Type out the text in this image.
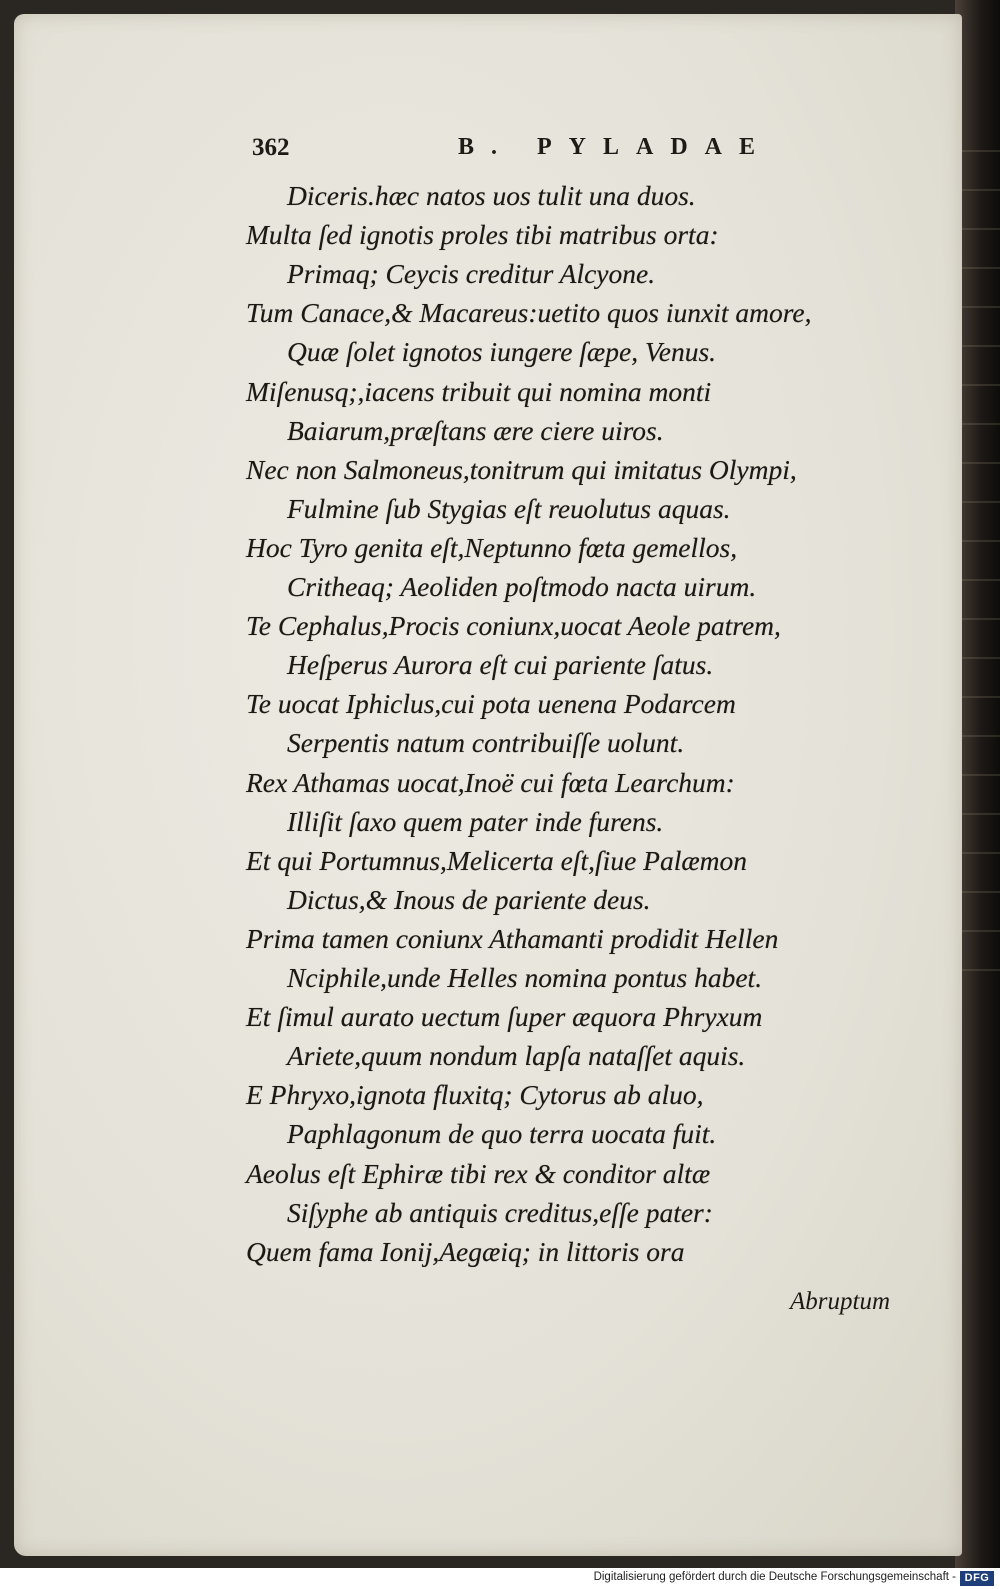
362	B. PYLADAE
Diceris.hæc natos uos tulit una duos.
Multa ſed ignotis proles tibi matribus orta:
Primaq; Ceycis creditur Alcyone.
Tum Canace,& Macareus:uetito quos iunxit amore,
Quæ ſolet ignotos iungere ſæpe, Venus.
Miſenusq;,iacens tribuit qui nomina monti
Baiarum,præſtans ære ciere uiros.
Nec non Salmoneus,tonitrum qui imitatus Olympi,
Fulmine ſub Stygias eſt reuolutus aquas.
Hoc Tyro genita eſt,Neptunno fœta gemellos,
Critheaq; Aeoliden poſtmodo nacta uirum.
Te Cephalus,Procis coniunx,uocat Aeole patrem,
Heſperus Aurora eſt cui pariente ſatus.
Te uocat Iphiclus,cui pota uenena Podarcem
Serpentis natum contribuiſſe uolunt.
Rex Athamas uocat,Inoë cui fœta Learchum:
Illiſit ſaxo quem pater inde furens.
Et qui Portumnus,Melicerta eſt,ſiue Palæmon
Dictus,& Inous de pariente deus.
Prima tamen coniunx Athamanti prodidit Hellen
Nciphile,unde Helles nomina pontus habet.
Et ſimul aurato uectum ſuper æquora Phryxum
Ariete,quum nondum lapſa nataſſet aquis.
E Phryxo,ignota fluxitq; Cytorus ab aluo,
Paphlagonum de quo terra uocata fuit.
Aeolus eſt Ephiræ tibi rex & conditor altæ
Siſyphe ab antiquis creditus,eſſe pater:
Quem fama Ionij,Aegæiq; in littoris ora
Abruptum
Digitalisierung gefördert durch die Deutsche Forschungsgemeinschaft - DFG
